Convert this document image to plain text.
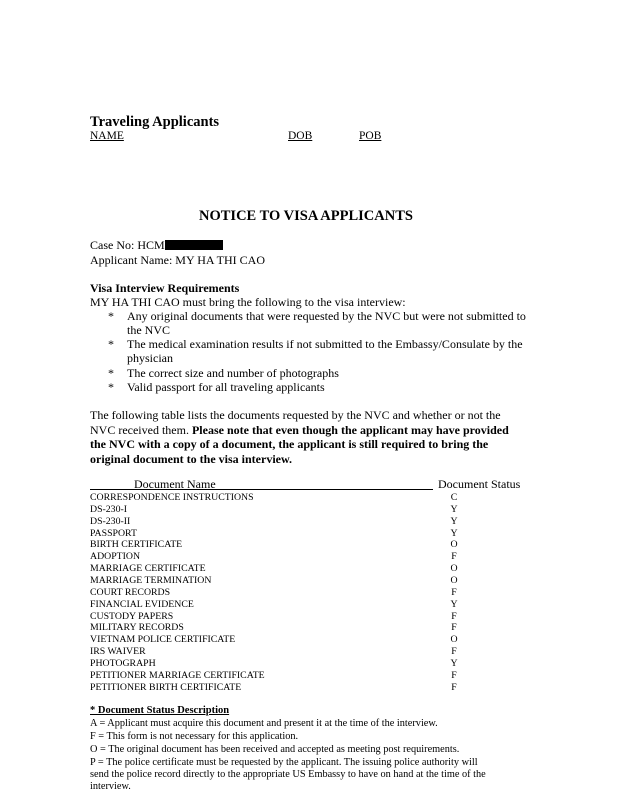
Traveling Applicants
NAME	DOB	POB
NOTICE TO VISA APPLICANTS
Case No: HCM
Applicant Name: MY HA THI CAO
Visa Interview Requirements
MY HA THI CAO must bring the following to the visa interview:
* Any original documents that were requested by the NVC but were not submitted to the NVC
* The medical examination results if not submitted to the Embassy/Consulate by the physician
* The correct size and number of photographs
* Valid passport for all traveling applicants
The following table lists the documents requested by the NVC and whether or not the NVC received them. Please note that even though the applicant may have provided the NVC with a copy of a document, the applicant is still required to bring the original document to the visa interview.
Document Name	Document Status
CORRESPONDENCE INSTRUCTIONS	C
DS-230-I	Y
DS-230-II	Y
PASSPORT	Y
BIRTH CERTIFICATE	O
ADOPTION	F
MARRIAGE CERTIFICATE	O
MARRIAGE TERMINATION	O
COURT RECORDS	F
FINANCIAL EVIDENCE	Y
CUSTODY PAPERS	F
MILITARY RECORDS	F
VIETNAM POLICE CERTIFICATE	O
IRS WAIVER	F
PHOTOGRAPH	Y
PETITIONER MARRIAGE CERTIFICATE	F
PETITIONER BIRTH CERTIFICATE	F
* Document Status Description
A = Applicant must acquire this document and present it at the time of the interview.
F = This form is not necessary for this application.
O = The original document has been received and accepted as meeting post requirements.
P = The police certificate must be requested by the applicant. The issuing police authority will
send the police record directly to the appropriate US Embassy to have on hand at the time of the
interview.
